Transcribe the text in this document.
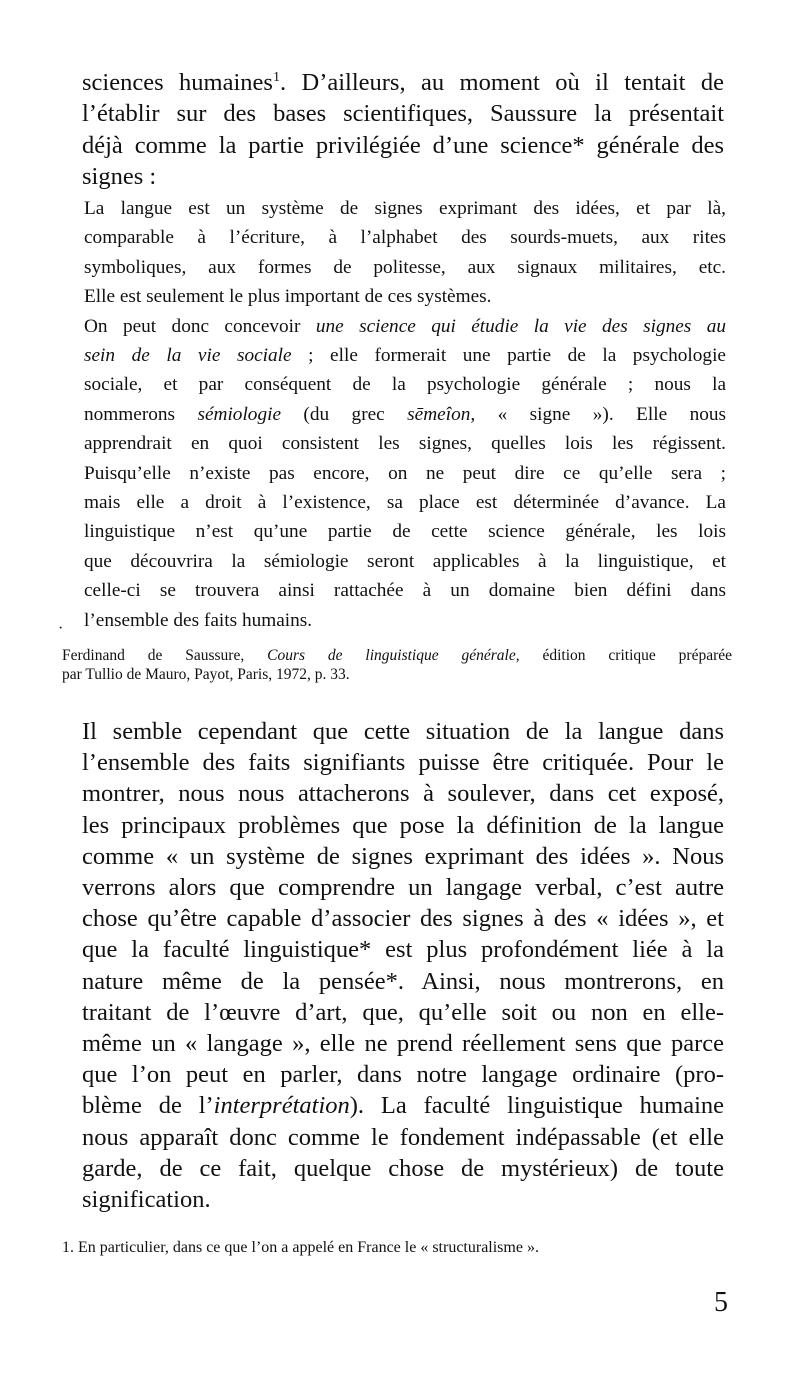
sciences humaines$^1$. D’ailleurs, au moment où il tentait de
l’établir sur des bases scientifiques, Saussure la présentait
déjà comme la partie privilégiée d’une science* générale des
signes :
La langue est un système de signes exprimant des idées, et par là,
comparable à l’écriture, à l’alphabet des sourds-muets, aux rites
symboliques, aux formes de politesse, aux signaux militaires, etc.
Elle est seulement le plus important de ces systèmes.
On peut donc concevoir une science qui étudie la vie des signes au
sein de la vie sociale ; elle formerait une partie de la psychologie
sociale, et par conséquent de la psychologie générale ; nous la
nommerons sémiologie (du grec sēmeîon, « signe »). Elle nous
apprendrait en quoi consistent les signes, quelles lois les régissent.
Puisqu’elle n’existe pas encore, on ne peut dire ce qu’elle sera ;
mais elle a droit à l’existence, sa place est déterminée d’avance. La
linguistique n’est qu’une partie de cette science générale, les lois
que découvrira la sémiologie seront applicables à la linguistique, et
celle-ci se trouvera ainsi rattachée à un domaine bien défini dans
l’ensemble des faits humains.
·
Ferdinand de Saussure, Cours de linguistique générale, édition critique préparée
par Tullio de Mauro, Payot, Paris, 1972, p. 33.
Il semble cependant que cette situation de la langue dans
l’ensemble des faits signifiants puisse être critiquée. Pour le
montrer, nous nous attacherons à soulever, dans cet exposé,
les principaux problèmes que pose la définition de la langue
comme « un système de signes exprimant des idées ». Nous
verrons alors que comprendre un langage verbal, c’est autre
chose qu’être capable d’associer des signes à des « idées », et
que la faculté linguistique* est plus profondément liée à la
nature même de la pensée*. Ainsi, nous montrerons, en
traitant de l’œuvre d’art, que, qu’elle soit ou non en elle-
même un « langage », elle ne prend réellement sens que parce
que l’on peut en parler, dans notre langage ordinaire (pro-
blème de l’interprétation). La faculté linguistique humaine
nous apparaît donc comme le fondement indépassable (et elle
garde, de ce fait, quelque chose de mystérieux) de toute
signification.
1. En particulier, dans ce que l’on a appelé en France le « structuralisme ».
5
